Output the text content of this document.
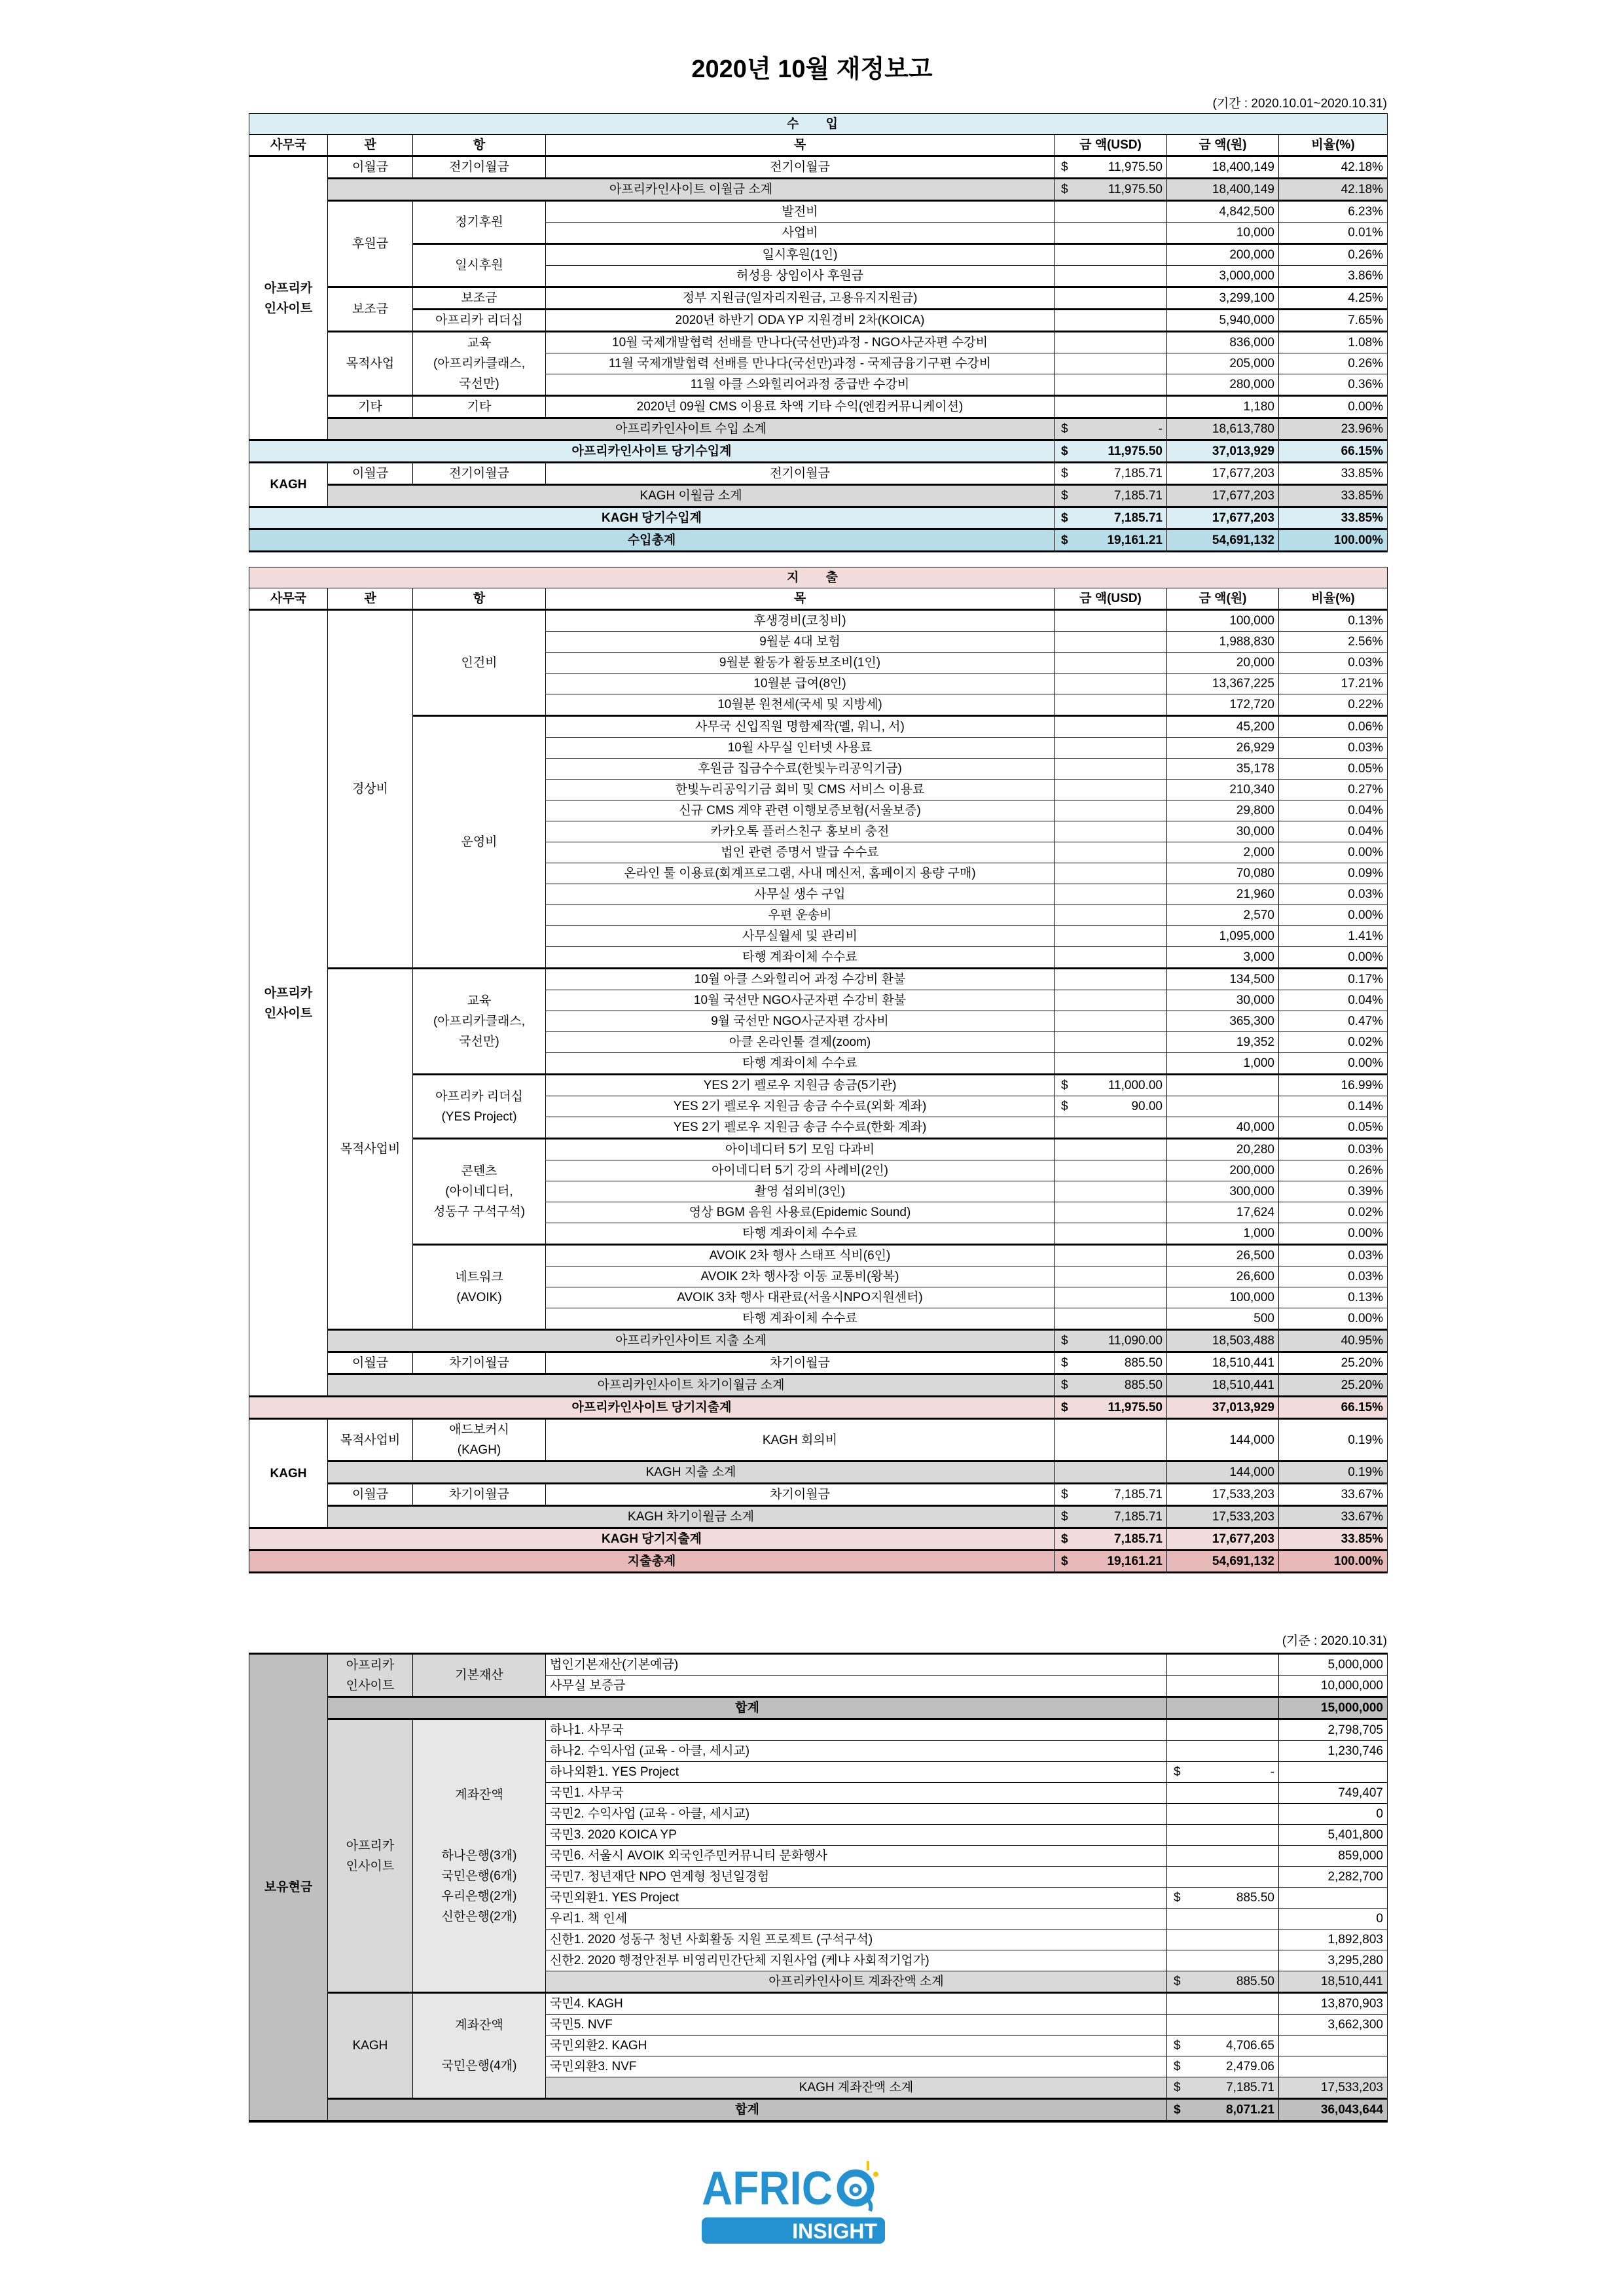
2020년 10월 재정보고
(기간 : 2020.10.01~2020.10.31)
수 입						
사무국	관	항	목	금 액(USD)	금 액(원)	비율(%)
아프리카
인사이트	이월금	전기이월금	전기이월금	$ 11,975.50	18,400,149	42.18%
	아프리카인사이트 이월금 소계			$ 11,975.50	18,400,149	42.18%
	후원금	정기후원	발전비		4,842,500	6.23%
			사업비		10,000	0.01%
		일시후원	일시후원(1인)		200,000	0.26%
			허성용 상임이사 후원금		3,000,000	3.86%
	보조금	보조금	정부 지원금(일자리지원금, 고용유지지원금)		3,299,100	4.25%
		아프리카 리더십	2020년 하반기 ODA YP 지원경비 2차(KOICA)		5,940,000	7.65%
	목적사업	교육
(아프리카클래스,
국선만)	10월 국제개발협력 선배를 만나다(국선만)과정 - NGO사군자편 수강비		836,000	1.08%
			11월 국제개발협력 선배를 만나다(국선만)과정 - 국제금융기구편 수강비		205,000	0.26%
			11월 아클 스와힐리어과정 중급반 수강비		280,000	0.36%
	기타	기타	2020년 09월 CMS 이용료 차액 기타 수익(엔컴커뮤니케이션)		1,180	0.00%
	아프리카인사이트 수입 소계			$ -	18,613,780	23.96%
아프리카인사이트 당기수입계				$ 11,975.50	37,013,929	66.15%
KAGH	이월금	전기이월금	전기이월금	$ 7,185.71	17,677,203	33.85%
	KAGH 이월금 소계			$ 7,185.71	17,677,203	33.85%
KAGH 당기수입계				$ 7,185.71	17,677,203	33.85%
수입총계				$ 19,161.21	54,691,132	100.00%
지 출						
사무국	관	항	목	금 액(USD)	금 액(원)	비율(%)
아프리카
인사이트	경상비	인건비	후생경비(코칭비)		100,000	0.13%
			9월분 4대 보험		1,988,830	2.56%
			9월분 활동가 활동보조비(1인)		20,000	0.03%
			10월분 급여(8인)		13,367,225	17.21%
			10월분 원천세(국세 및 지방세)		172,720	0.22%
		운영비	사무국 신입직원 명함제작(멜, 워니, 서)		45,200	0.06%
			10월 사무실 인터넷 사용료		26,929	0.03%
			후원금 집금수수료(한빛누리공익기금)		35,178	0.05%
			한빛누리공익기금 회비 및 CMS 서비스 이용료		210,340	0.27%
			신규 CMS 계약 관련 이행보증보험(서울보증)		29,800	0.04%
			카카오톡 플러스친구 홍보비 충전		30,000	0.04%
			법인 관련 증명서 발급 수수료		2,000	0.00%
			온라인 툴 이용료(회계프로그램, 사내 메신저, 홈페이지 용량 구매)		70,080	0.09%
			사무실 생수 구입		21,960	0.03%
			우편 운송비		2,570	0.00%
			사무실월세 및 관리비		1,095,000	1.41%
			타행 계좌이체 수수료		3,000	0.00%
	목적사업비	교육
(아프리카클래스,
국선만)	10월 아클 스와힐리어 과정 수강비 환불		134,500	0.17%
			10월 국선만 NGO사군자편 수강비 환불		30,000	0.04%
			9월 국선만 NGO사군자편 강사비		365,300	0.47%
			아클 온라인툴 결제(zoom)		19,352	0.02%
			타행 계좌이체 수수료		1,000	0.00%
		아프리카 리더십
(YES Project)	YES 2기 펠로우 지원금 송금(5기관)	$ 11,000.00		16.99%
			YES 2기 펠로우 지원금 송금 수수료(외화 계좌)	$ 90.00		0.14%
			YES 2기 펠로우 지원금 송금 수수료(한화 계좌)		40,000	0.05%
		콘텐츠
(아이네디터,
성동구 구석구석)	아이네디터 5기 모임 다과비		20,280	0.03%
			아이네디터 5기 강의 사례비(2인)		200,000	0.26%
			촬영 섭외비(3인)		300,000	0.39%
			영상 BGM 음원 사용료(Epidemic Sound)		17,624	0.02%
			타행 계좌이체 수수료		1,000	0.00%
		네트워크
(AVOIK)	AVOIK 2차 행사 스태프 식비(6인)		26,500	0.03%
			AVOIK 2차 행사장 이동 교통비(왕복)		26,600	0.03%
			AVOIK 3차 행사 대관료(서울시NPO지원센터)		100,000	0.13%
			타행 계좌이체 수수료		500	0.00%
	아프리카인사이트 지출 소계			$ 11,090.00	18,503,488	40.95%
	이월금	차기이월금	차기이월금	$ 885.50	18,510,441	25.20%
	아프리카인사이트 차기이월금 소계			$ 885.50	18,510,441	25.20%
아프리카인사이트 당기지출계				$ 11,975.50	37,013,929	66.15%
KAGH	목적사업비	애드보커시
(KAGH)	KAGH 회의비		144,000	0.19%
	KAGH 지출 소계				144,000	0.19%
	이월금	차기이월금	차기이월금	$ 7,185.71	17,533,203	33.67%
	KAGH 차기이월금 소계			$ 7,185.71	17,533,203	33.67%
KAGH 당기지출계				$ 7,185.71	17,677,203	33.85%
지출총계				$ 19,161.21	54,691,132	100.00%
(기준 : 2020.10.31)
보유현금	아프리카
인사이트	기본재산	법인기본재산(기본예금)		5,000,000
			사무실 보증금		10,000,000
	합계				15,000,000
	아프리카
인사이트	계좌잔액

하나은행(3개)
국민은행(6개)
우리은행(2개)
신한은행(2개)	하나1. 사무국		2,798,705
			하나2. 수익사업 (교육 - 아클, 세시교)		1,230,746
			하나외환1. YES Project	$ -	
			국민1. 사무국		749,407
			국민2. 수익사업 (교육 - 아클, 세시교)		0
			국민3. 2020 KOICA YP		5,401,800
			국민6. 서울시 AVOIK 외국인주민커뮤니티 문화행사		859,000
			국민7. 청년재단 NPO 연계형 청년일경험		2,282,700
			국민외환1. YES Project	$ 885.50	
			우리1. 책 인세		0
			신한1. 2020 성동구 청년 사회활동 지원 프로젝트 (구석구석)		1,892,803
			신한2. 2020 행정안전부 비영리민간단체 지원사업 (케냐 사회적기업가)		3,295,280
			아프리카인사이트 계좌잔액 소계	$ 885.50	18,510,441
	KAGH	계좌잔액

국민은행(4개)	국민4. KAGH		13,870,903
			국민5. NVF		3,662,300
			국민외환2. KAGH	$ 4,706.65	
			국민외환3. NVF	$ 2,479.06	
			KAGH 계좌잔액 소계	$ 7,185.71	17,533,203
	합계			$ 8,071.21	36,043,644
AFRIC
INSIGHT
